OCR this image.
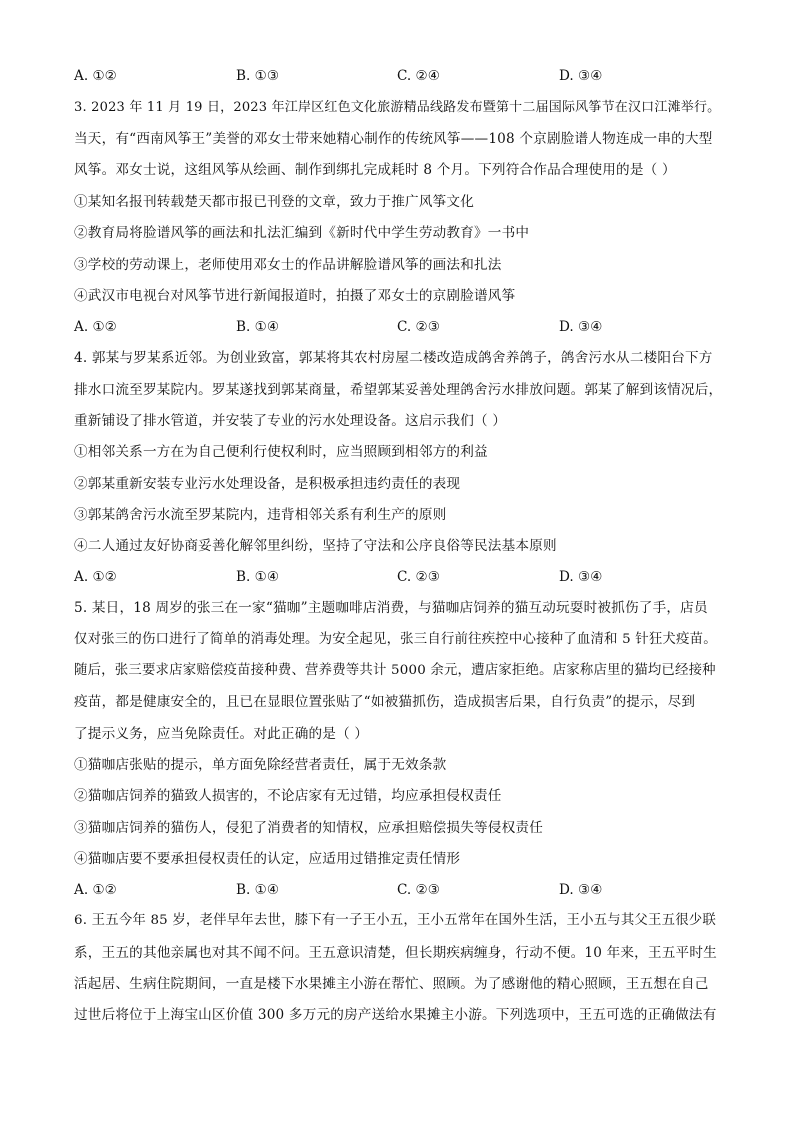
A. ①②	B. ①③	C. ②④	D. ③④
3. 2023 年 11 月 19 日，2023 年江岸区红色文化旅游精品线路发布暨第十二届国际风筝节在汉口江滩举行。
当天，有“西南风筝王”美誉的邓女士带来她精心制作的传统风筝——108 个京剧脸谱人物连成一串的大型
风筝。邓女士说，这组风筝从绘画、制作到绑扎完成耗时 8 个月。下列符合作品合理使用的是（ ）
①某知名报刊转载楚天都市报已刊登的文章，致力于推广风筝文化
②教育局将脸谱风筝的画法和扎法汇编到《新时代中学生劳动教育》一书中
③学校的劳动课上，老师使用邓女士的作品讲解脸谱风筝的画法和扎法
④武汉市电视台对风筝节进行新闻报道时，拍摄了邓女士的京剧脸谱风筝
A. ①②	B. ①④	C. ②③	D. ③④
4. 郭某与罗某系近邻。为创业致富，郭某将其农村房屋二楼改造成鸽舍养鸽子，鸽舍污水从二楼阳台下方
排水口流至罗某院内。罗某遂找到郭某商量，希望郭某妥善处理鸽舍污水排放问题。郭某了解到该情况后，
重新铺设了排水管道，并安装了专业的污水处理设备。这启示我们（ ）
①相邻关系一方在为自己便利行使权利时，应当照顾到相邻方的利益
②郭某重新安装专业污水处理设备，是积极承担违约责任的表现
③郭某鸽舍污水流至罗某院内，违背相邻关系有利生产的原则
④二人通过友好协商妥善化解邻里纠纷，坚持了守法和公序良俗等民法基本原则
A. ①②	B. ①④	C. ②③	D. ③④
5. 某日，18 周岁的张三在一家“猫咖”主题咖啡店消费，与猫咖店饲养的猫互动玩耍时被抓伤了手，店员
仅对张三的伤口进行了简单的消毒处理。为安全起见，张三自行前往疾控中心接种了血清和 5 针狂犬疫苗。
随后，张三要求店家赔偿疫苗接种费、营养费等共计 5000 余元，遭店家拒绝。店家称店里的猫均已经接种
疫苗，都是健康安全的，且已在显眼位置张贴了“如被猫抓伤，造成损害后果，自行负责”的提示，尽到
了提示义务，应当免除责任。对此正确的是（ ）
①猫咖店张贴的提示，单方面免除经营者责任，属于无效条款
②猫咖店饲养的猫致人损害的，不论店家有无过错，均应承担侵权责任
③猫咖店饲养的猫伤人，侵犯了消费者的知情权，应承担赔偿损失等侵权责任
④猫咖店要不要承担侵权责任的认定，应适用过错推定责任情形
A. ①②	B. ①④	C. ②③	D. ③④
6. 王五今年 85 岁，老伴早年去世，膝下有一子王小五，王小五常年在国外生活，王小五与其父王五很少联
系，王五的其他亲属也对其不闻不问。王五意识清楚，但长期疾病缠身，行动不便。10 年来，王五平时生
活起居、生病住院期间，一直是楼下水果摊主小游在帮忙、照顾。为了感谢他的精心照顾，王五想在自己
过世后将位于上海宝山区价值 300 多万元的房产送给水果摊主小游。下列选项中，王五可选的正确做法有
